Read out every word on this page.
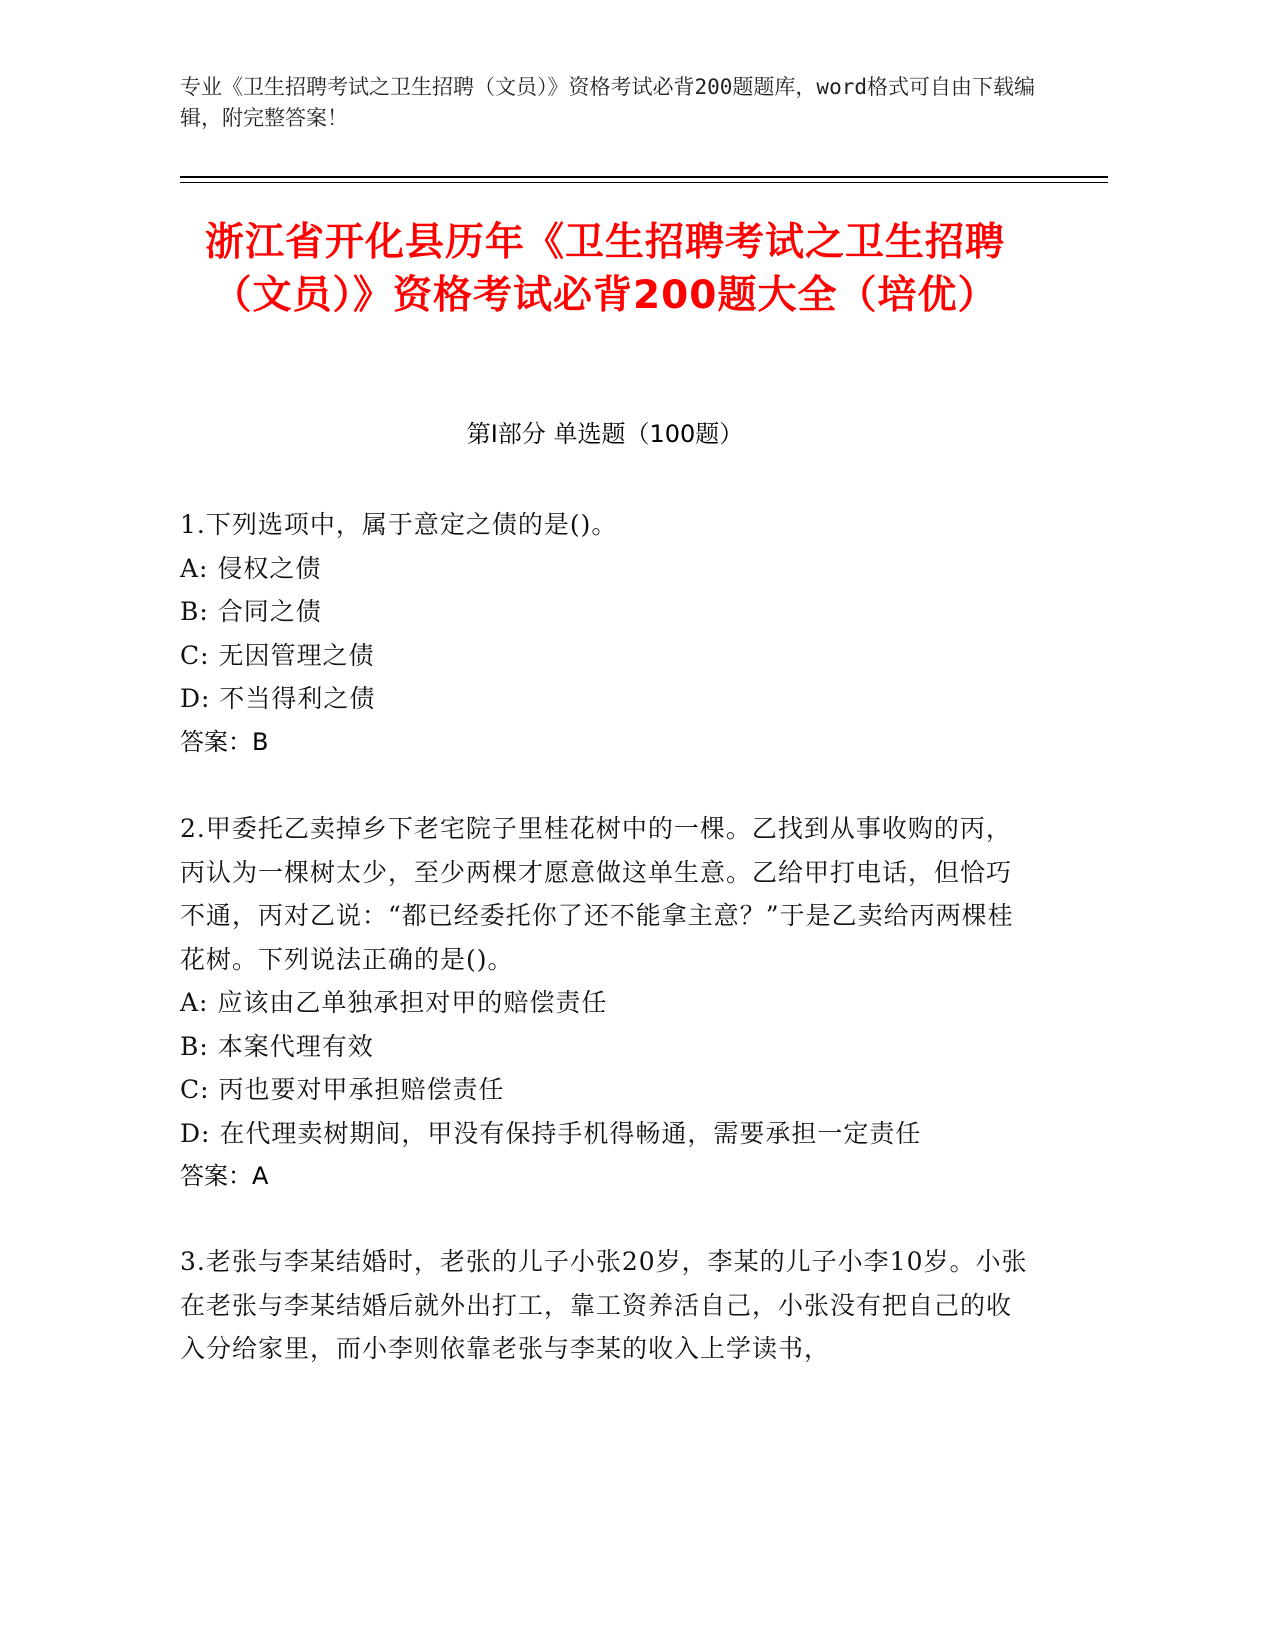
专业《卫生招聘考试之卫生招聘（文员）》资格考试必背200题题库，word格式可自由下载编辑，附完整答案！
浙江省开化县历年《卫生招聘考试之卫生招聘（文员）》资格考试必背200题大全（培优）
第I部分 单选题（100题）

1.下列选项中，属于意定之债的是()。

A: 侵权之债

B: 合同之债

C: 无因管理之债

D: 不当得利之债

答案：B

2.甲委托乙卖掉乡下老宅院子里桂花树中的一棵。乙找到从事收购的丙，丙认为一棵树太少，至少两棵才愿意做这单生意。乙给甲打电话，但恰巧不通，丙对乙说：“都已经委托你了还不能拿主意？”于是乙卖给丙两棵桂花树。下列说法正确的是()。

A: 应该由乙单独承担对甲的赔偿责任

B: 本案代理有效

C: 丙也要对甲承担赔偿责任

D: 在代理卖树期间，甲没有保持手机得畅通，需要承担一定责任

答案：A

3.老张与李某结婚时，老张的儿子小张20岁，李某的儿子小李10岁。小张在老张与李某结婚后就外出打工，靠工资养活自己，小张没有把自己的收入分给家里，而小李则依靠老张与李某的收入上学读书，
